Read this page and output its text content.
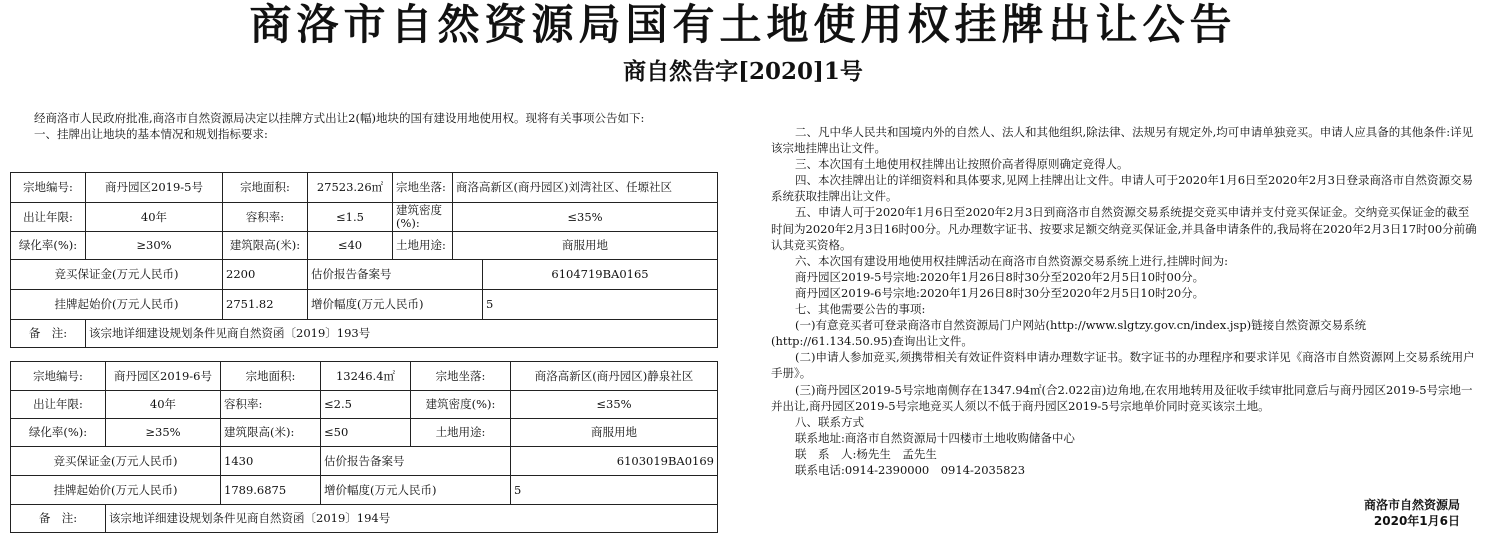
商洛市自然资源局国有土地使用权挂牌出让公告
商自然告字[2020]1号

经商洛市人民政府批准,商洛市自然资源局决定以挂牌方式出让2(幅)地块的国有建设用地使用权。现将有关事项公告如下:

一、挂牌出让地块的基本情况和规划指标要求:

宗地编号:	商丹园区2019-5号	宗地面积:	27523.26㎡	宗地坐落:	商洛高新区(商丹园区)刘湾社区、任塬社区	
出让年限:	40年	容积率:	≤1.5	建筑密度(%):	≤35%	
绿化率(%):	≥30%	建筑限高(米):	≤40	土地用途:	商服用地	
竞买保证金(万元人民币)		2200	估价报告备案号			6104719BA0165
挂牌起始价(万元人民币)		2751.82	增价幅度(万元人民币)			5
备　注:	该宗地详细建设规划条件见商自然资函〔2019〕193号					
宗地编号:	商丹园区2019-6号	宗地面积:	13246.4㎡	宗地坐落:	商洛高新区(商丹园区)静泉社区
出让年限:	40年	容积率:	≤2.5	建筑密度(%):	≤35%
绿化率(%):	≥35%	建筑限高(米):	≤50	土地用途:	商服用地
竞买保证金(万元人民币)		1430	估价报告备案号		6103019BA0169
挂牌起始价(万元人民币)		1789.6875	增价幅度(万元人民币)		5
备　注:	该宗地详细建设规划条件见商自然资函〔2019〕194号				

二、凡中华人民共和国境内外的自然人、法人和其他组织,除法律、法规另有规定外,均可申请单独竞买。申请人应具备的其他条件:详见该宗地挂牌出让文件。

三、本次国有土地使用权挂牌出让按照价高者得原则确定竞得人。

四、本次挂牌出让的详细资料和具体要求,见网上挂牌出让文件。申请人可于2020年1月6日至2020年2月3日登录商洛市自然资源交易系统获取挂牌出让文件。

五、申请人可于2020年1月6日至2020年2月3日到商洛市自然资源交易系统提交竞买申请并支付竞买保证金。交纳竞买保证金的截至时间为2020年2月3日16时00分。凡办理数字证书、按要求足额交纳竞买保证金,并具备申请条件的,我局将在2020年2月3日17时00分前确认其竞买资格。

六、本次国有建设用地使用权挂牌活动在商洛市自然资源交易系统上进行,挂牌时间为:

商丹园区2019-5号宗地:2020年1月26日8时30分至2020年2月5日10时00分。

商丹园区2019-6号宗地:2020年1月26日8时30分至2020年2月5日10时20分。

七、其他需要公告的事项:

(一)有意竞买者可登录商洛市自然资源局门户网站(http://www.slgtzy.gov.cn/index.jsp)链接自然资源交易系统(http://61.134.50.95)查询出让文件。

(二)申请人参加竞买,须携带相关有效证件资料申请办理数字证书。数字证书的办理程序和要求详见《商洛市自然资源网上交易系统用户手册》。

(三)商丹园区2019-5号宗地南侧存在1347.94㎡(合2.022亩)边角地,在农用地转用及征收手续审批同意后与商丹园区2019-5号宗地一并出让,商丹园区2019-5号宗地竞买人须以不低于商丹园区2019-5号宗地单价同时竞买该宗土地。

八、联系方式

联系地址:商洛市自然资源局十四楼市土地收购储备中心

联　系　人:杨先生　孟先生

联系电话:0914-2390000　0914-2035823

商洛市自然资源局
2020年1月6日
